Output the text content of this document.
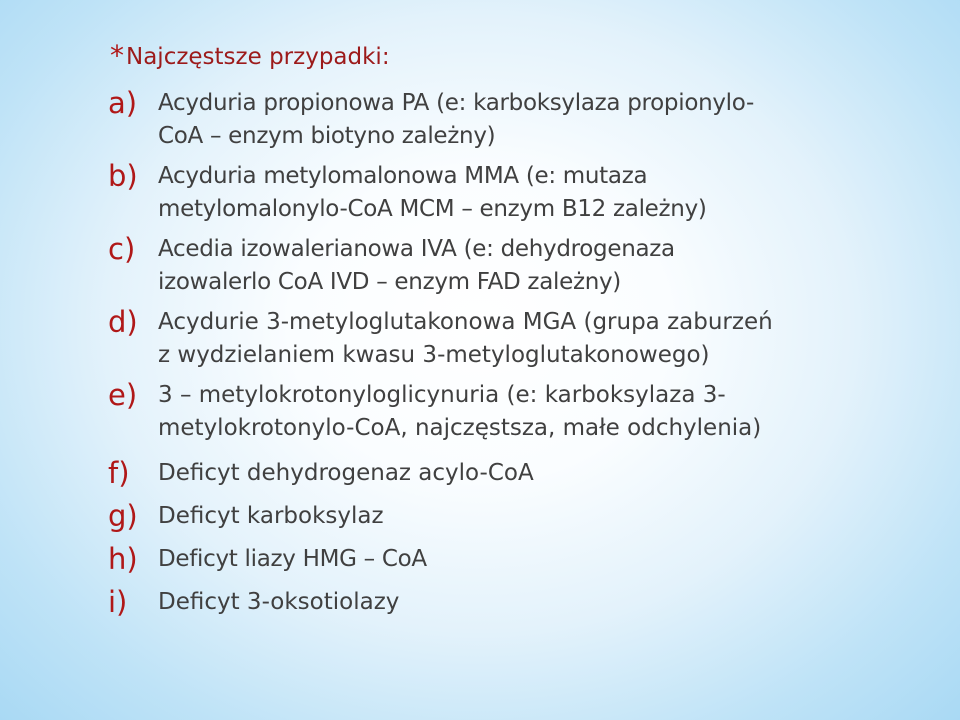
* Najczęstsze przypadki:
a) Acyduria propionowa PA (e: karboksylaza propionylo-
CoA – enzym biotyno zależny)
b) Acyduria metylomalonowa MMA (e: mutaza
metylomalonylo-CoA MCM – enzym B12 zależny)
c) Acedia izowalerianowa IVA (e: dehydrogenaza
izowalerlo CoA IVD – enzym FAD zależny)
d) Acydurie 3-metyloglutakonowa MGA (grupa zaburzeń
z wydzielaniem kwasu 3-metyloglutakonowego)
e) 3 – metylokrotonyloglicynuria (e: karboksylaza 3-
metylokrotonylo-CoA, najczęstsza, małe odchylenia)
f)	Deficyt dehydrogenaz acylo-CoA
g) Deficyt karboksylaz
h) Deficyt liazy HMG – CoA
i)	Deficyt 3-oksotiolazy
